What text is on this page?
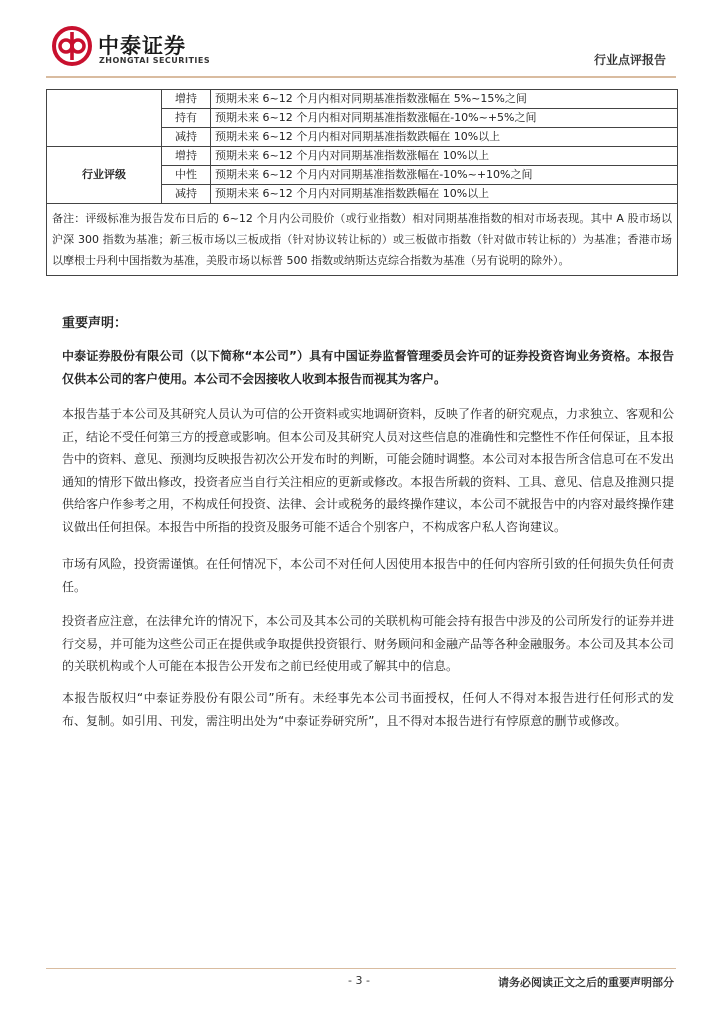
中泰证券
ZHONGTAI SECURITIES	行业点评报告
	增持	预期未来 6~12 个月内相对同期基准指数涨幅在 5%~15%之间
	持有	预期未来 6~12 个月内相对同期基准指数涨幅在-10%~+5%之间
	减持	预期未来 6~12 个月内相对同期基准指数跌幅在 10%以上
行业评级	增持	预期未来 6~12 个月内对同期基准指数涨幅在 10%以上
	中性	预期未来 6~12 个月内对同期基准指数涨幅在-10%~+10%之间
	减持	预期未来 6~12 个月内对同期基准指数跌幅在 10%以上
备注：评级标准为报告发布日后的 6~12 个月内公司股价（或行业指数）相对同期基准指数的相对市场表现。其中 A 股市场以沪深 300 指数为基准；新三板市场以三板成指（针对协议转让标的）或三板做市指数（针对做市转让标的）为基准；香港市场以摩根士丹利中国指数为基准，美股市场以标普 500 指数或纳斯达克综合指数为基准（另有说明的除外）。		
重要声明：
中泰证券股份有限公司（以下简称“本公司”）具有中国证券监督管理委员会许可的证券投资咨询业务资格。本报告仅供本公司的客户使用。本公司不会因接收人收到本报告而视其为客户。
本报告基于本公司及其研究人员认为可信的公开资料或实地调研资料，反映了作者的研究观点，力求独立、客观和公正，结论不受任何第三方的授意或影响。但本公司及其研究人员对这些信息的准确性和完整性不作任何保证，且本报告中的资料、意见、预测均反映报告初次公开发布时的判断，可能会随时调整。本公司对本报告所含信息可在不发出通知的情形下做出修改，投资者应当自行关注相应的更新或修改。本报告所载的资料、工具、意见、信息及推测只提供给客户作参考之用，不构成任何投资、法律、会计或税务的最终操作建议，本公司不就报告中的内容对最终操作建议做出任何担保。本报告中所指的投资及服务可能不适合个别客户，不构成客户私人咨询建议。
市场有风险，投资需谨慎。在任何情况下，本公司不对任何人因使用本报告中的任何内容所引致的任何损失负任何责任。
投资者应注意，在法律允许的情况下，本公司及其本公司的关联机构可能会持有报告中涉及的公司所发行的证券并进行交易，并可能为这些公司正在提供或争取提供投资银行、财务顾问和金融产品等各种金融服务。本公司及其本公司的关联机构或个人可能在本报告公开发布之前已经使用或了解其中的信息。
本报告版权归“中泰证券股份有限公司”所有。未经事先本公司书面授权，任何人不得对本报告进行任何形式的发布、复制。如引用、刊发，需注明出处为“中泰证券研究所”，且不得对本报告进行有悖原意的删节或修改。
- 3 -	请务必阅读正文之后的重要声明部分
